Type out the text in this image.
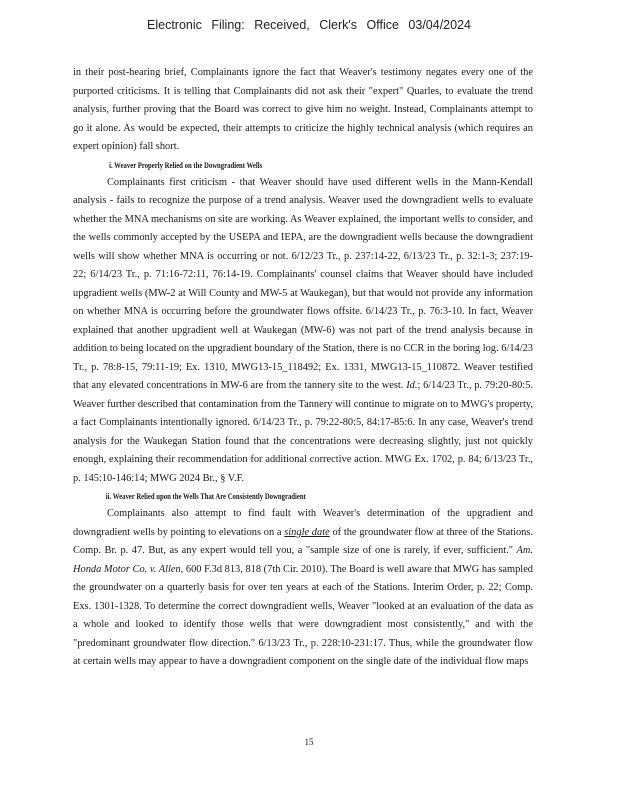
Electronic Filing: Received, Clerk's Office 03/04/2024

in their post-hearing brief, Complainants ignore the fact that Weaver's testimony negates every one of the purported criticisms. It is telling that Complainants did not ask their "expert" Quarles, to evaluate the trend analysis, further proving that the Board was correct to give him no weight. Instead, Complainants attempt to go it alone. As would be expected, their attempts to criticize the highly technical analysis (which requires an expert opinion) fall short.

i. Weaver Properly Relied on the Downgradient Wells

Complainants first criticism - that Weaver should have used different wells in the Mann-Kendall analysis - fails to recognize the purpose of a trend analysis. Weaver used the downgradient wells to evaluate whether the MNA mechanisms on site are working. As Weaver explained, the important wells to consider, and the wells commonly accepted by the USEPA and IEPA, are the downgradient wells because the downgradient wells will show whether MNA is occurring or not. 6/12/23 Tr., p. 237:14-22, 6/13/23 Tr., p. 32:1-3; 237:19-22; 6/14/23 Tr., p. 71:16-72:11, 76:14-19. Complainants' counsel claims that Weaver should have included upgradient wells (MW-2 at Will County and MW-5 at Waukegan), but that would not provide any information on whether MNA is occurring before the groundwater flows offsite. 6/14/23 Tr., p. 76:3-10. In fact, Weaver explained that another upgradient well at Waukegan (MW-6) was not part of the trend analysis because in addition to being located on the upgradient boundary of the Station, there is no CCR in the boring log. 6/14/23 Tr., p. 78:8-15, 79:11-19; Ex. 1310, MWG13-15_118492; Ex. 1331, MWG13-15_110872. Weaver testified that any elevated concentrations in MW-6 are from the tannery site to the west. Id.; 6/14/23 Tr., p. 79:20-80:5. Weaver further described that contamination from the Tannery will continue to migrate on to MWG's property, a fact Complainants intentionally ignored. 6/14/23 Tr., p. 79:22-80:5, 84:17-85:6. In any case, Weaver's trend analysis for the Waukegan Station found that the concentrations were decreasing slightly, just not quickly enough, explaining their recommendation for additional corrective action. MWG Ex. 1702, p. 84; 6/13/23 Tr., p. 145:10-146:14; MWG 2024 Br., § V.F.

ii. Weaver Relied upon the Wells That Are Consistently Downgradient

Complainants also attempt to find fault with Weaver's determination of the upgradient and downgradient wells by pointing to elevations on a single date of the groundwater flow at three of the Stations. Comp. Br. p. 47. But, as any expert would tell you, a "sample size of one is rarely, if ever, sufficient." Am. Honda Motor Co. v. Allen, 600 F.3d 813, 818 (7th Cir. 2010). The Board is well aware that MWG has sampled the groundwater on a quarterly basis for over ten years at each of the Stations. Interim Order, p. 22; Comp. Exs. 1301-1328. To determine the correct downgradient wells, Weaver "looked at an evaluation of the data as a whole and looked to identify those wells that were downgradient most consistently," and with the "predominant groundwater flow direction." 6/13/23 Tr., p. 228:10-231:17. Thus, while the groundwater flow at certain wells may appear to have a downgradient component on the single date of the individual flow maps

15
